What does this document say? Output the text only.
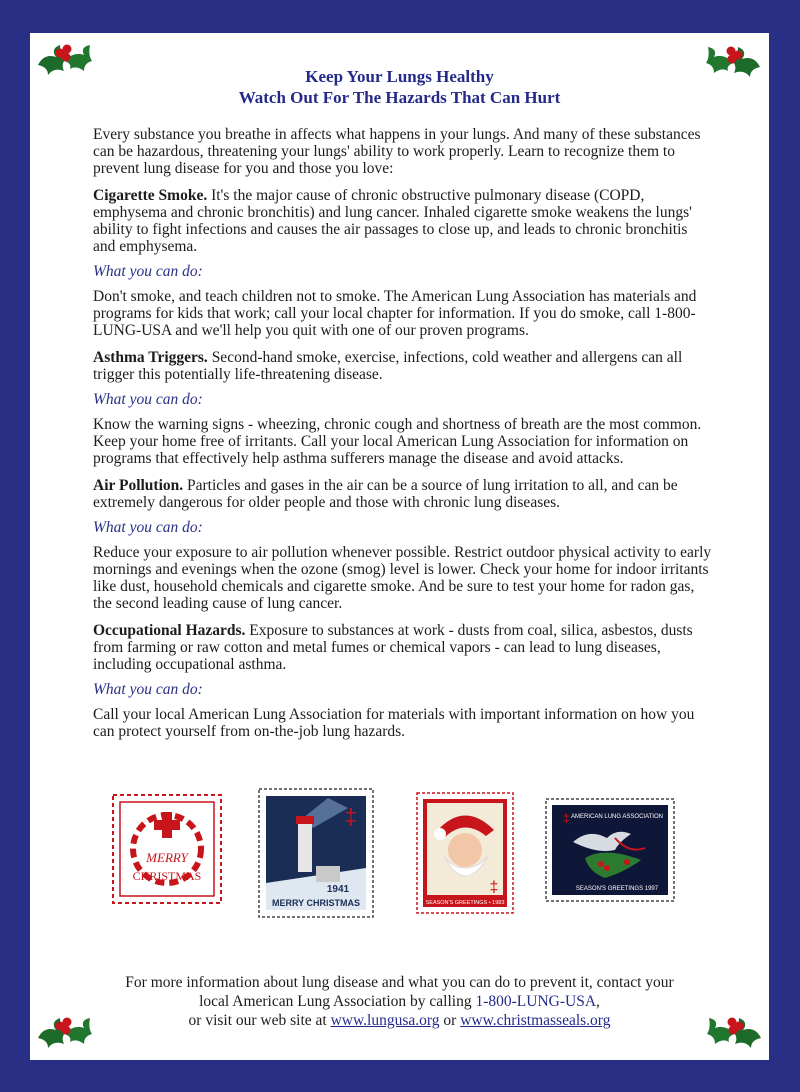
Keep Your Lungs Healthy
Watch Out For The Hazards That Can Hurt

Every substance you breathe in affects what happens in your lungs. And many of these substances can be hazardous, threatening your lungs' ability to work properly. Learn to recognize them to prevent lung disease for you and those you love:

Cigarette Smoke. It's the major cause of chronic obstructive pulmonary disease (COPD, emphysema and chronic bronchitis) and lung cancer. Inhaled cigarette smoke weakens the lungs' ability to fight infections and causes the air passages to close up, and leads to chronic bronchitis and emphysema.

What you can do:

Don't smoke, and teach children not to smoke. The American Lung Association has materials and programs for kids that work; call your local chapter for information. If you do smoke, call 1-800-LUNG-USA and we'll help you quit with one of our proven programs.

Asthma Triggers. Second-hand smoke, exercise, infections, cold weather and allergens can all trigger this potentially life-threatening disease.

What you can do:

Know the warning signs - wheezing, chronic cough and shortness of breath are the most common. Keep your home free of irritants. Call your local American Lung Association for information on programs that effectively help asthma sufferers manage the disease and avoid attacks.

Air Pollution. Particles and gases in the air can be a source of lung irritation to all, and can be extremely dangerous for older people and those with chronic lung diseases.

What you can do:

Reduce your exposure to air pollution whenever possible. Restrict outdoor physical activity to early mornings and evenings when the ozone (smog) level is lower. Check your home for indoor irritants like dust, household chemicals and cigarette smoke. And be sure to test your home for radon gas, the second leading cause of lung cancer.

Occupational Hazards. Exposure to substances at work - dusts from coal, silica, asbestos, dusts from farming or raw cotton and metal fumes or chemical vapors - can lead to lung diseases, including occupational asthma.

What you can do:

Call your local American Lung Association for materials with important information on how you can protect yourself from on-the-job lung hazards.

MERRY
CHRISTMAS
‡
1941
MERRY CHRISTMAS
‡
SEASON'S GREETINGS • 1983
AMERICAN LUNG ASSOCIATION
‡
SEASON'S GREETINGS 1997
For more information about lung disease and what you can do to prevent it, contact your
local American Lung Association by calling 1-800-LUNG-USA,
or visit our web site at www.lungusa.org or www.christmasseals.org
